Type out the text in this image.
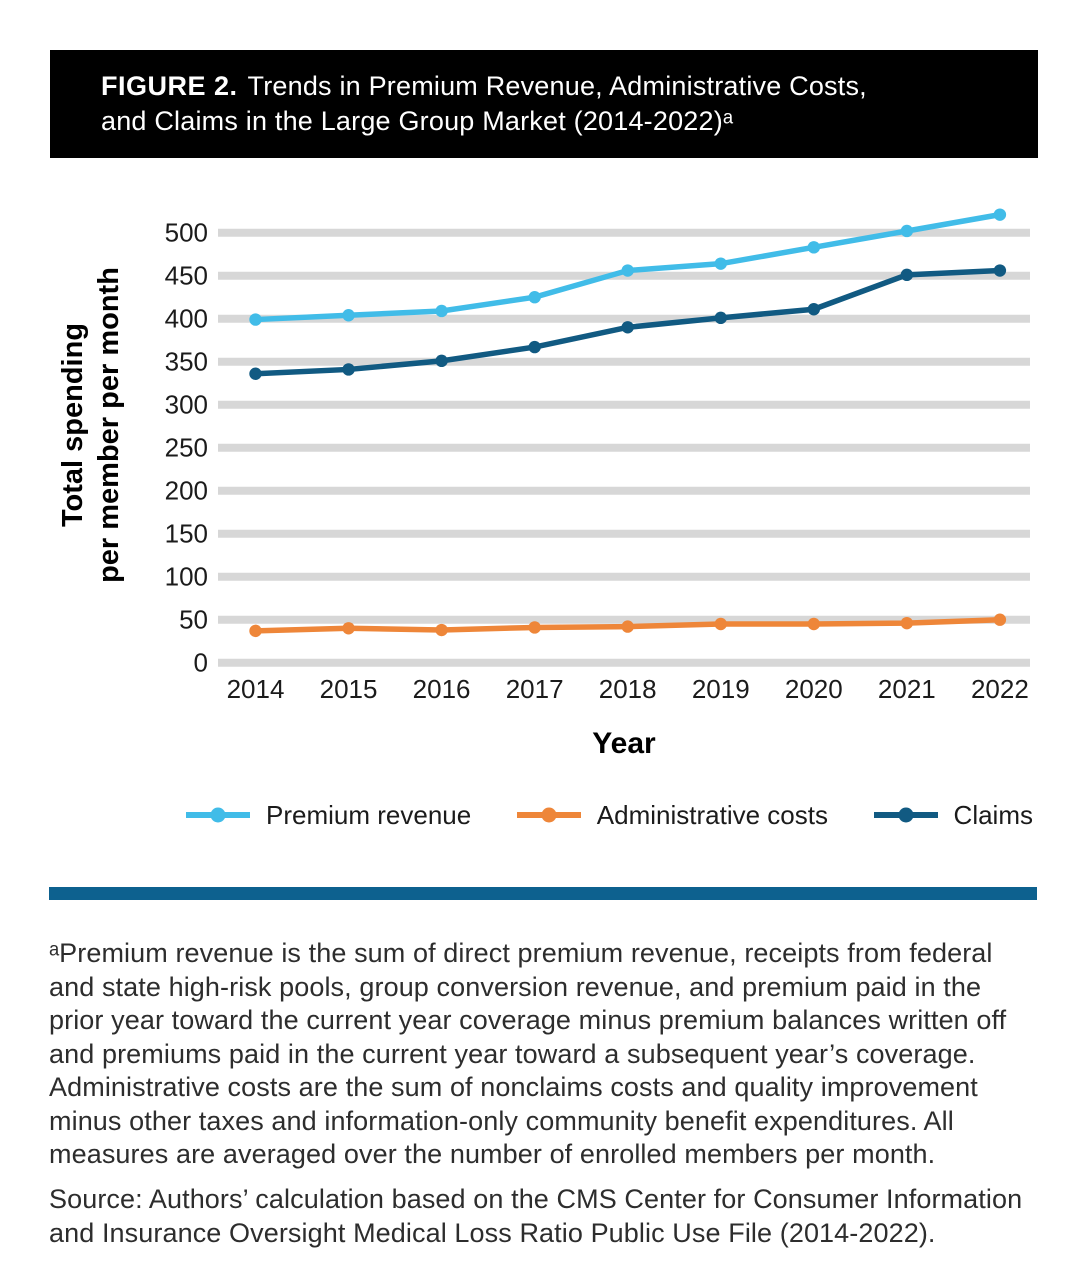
FIGURE 2. Trends in Premium Revenue, Administrative Costs,
and Claims in the Large Group Market (2014-2022)ᵃ
Total spending per member per month
0
50
100
150
200
250
300
350
400
450
500
2014 2015 2016 2017 2018 2019 2020 2021 2022
Year
Premium revenue	Administrative costs	Claims

ᵃPremium revenue is the sum of direct premium revenue, receipts from federal and state high-risk pools, group conversion revenue, and premium paid in the prior year toward the current year coverage minus premium balances written off and premiums paid in the current year toward a subsequent year’s coverage. Administrative costs are the sum of nonclaims costs and quality improvement minus other taxes and information-only community benefit expenditures. All measures are averaged over the number of enrolled members per month.

Source: Authors’ calculation based on the CMS Center for Consumer Information and Insurance Oversight Medical Loss Ratio Public Use File (2014-2022).
